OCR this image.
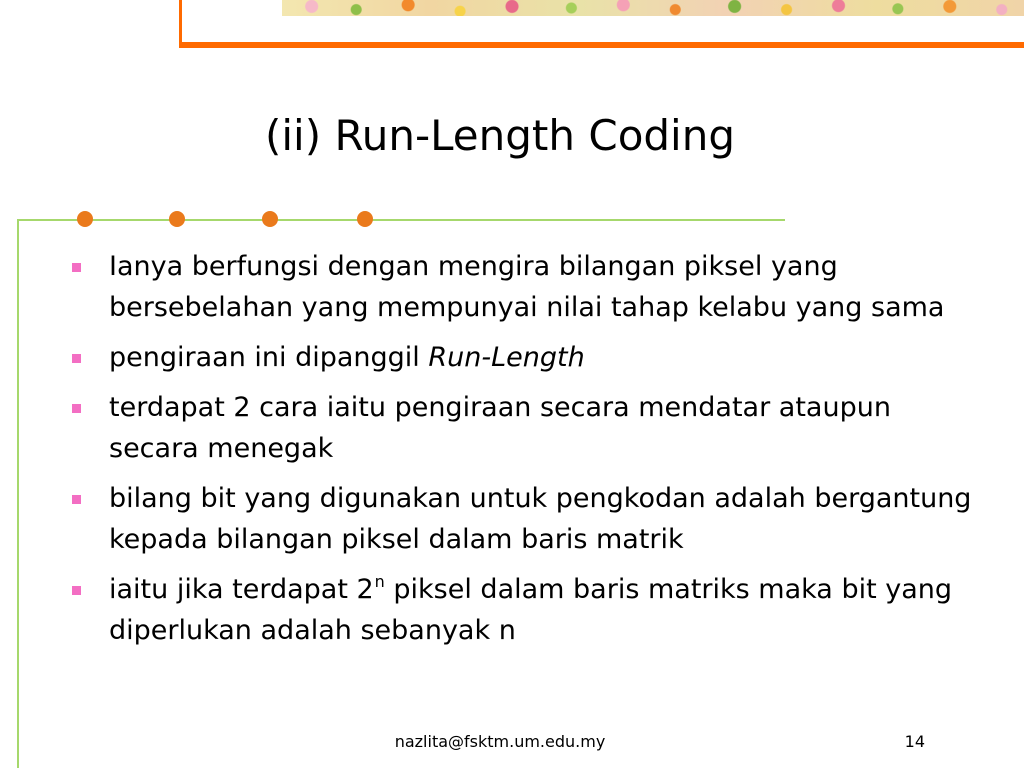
(ii) Run-Length Coding
Ianya berfungsi dengan mengira bilangan piksel yang bersebelahan yang mempunyai nilai tahap kelabu yang sama
pengiraan ini dipanggil Run-Length
terdapat 2 cara iaitu pengiraan secara mendatar ataupun secara menegak
bilang bit yang digunakan untuk pengkodan adalah bergantung kepada bilangan piksel dalam baris matrik
iaitu jika terdapat 2$^n$ piksel dalam baris matriks maka bit yang diperlukan adalah sebanyak n
nazlita@fsktm.um.edu.my	14
